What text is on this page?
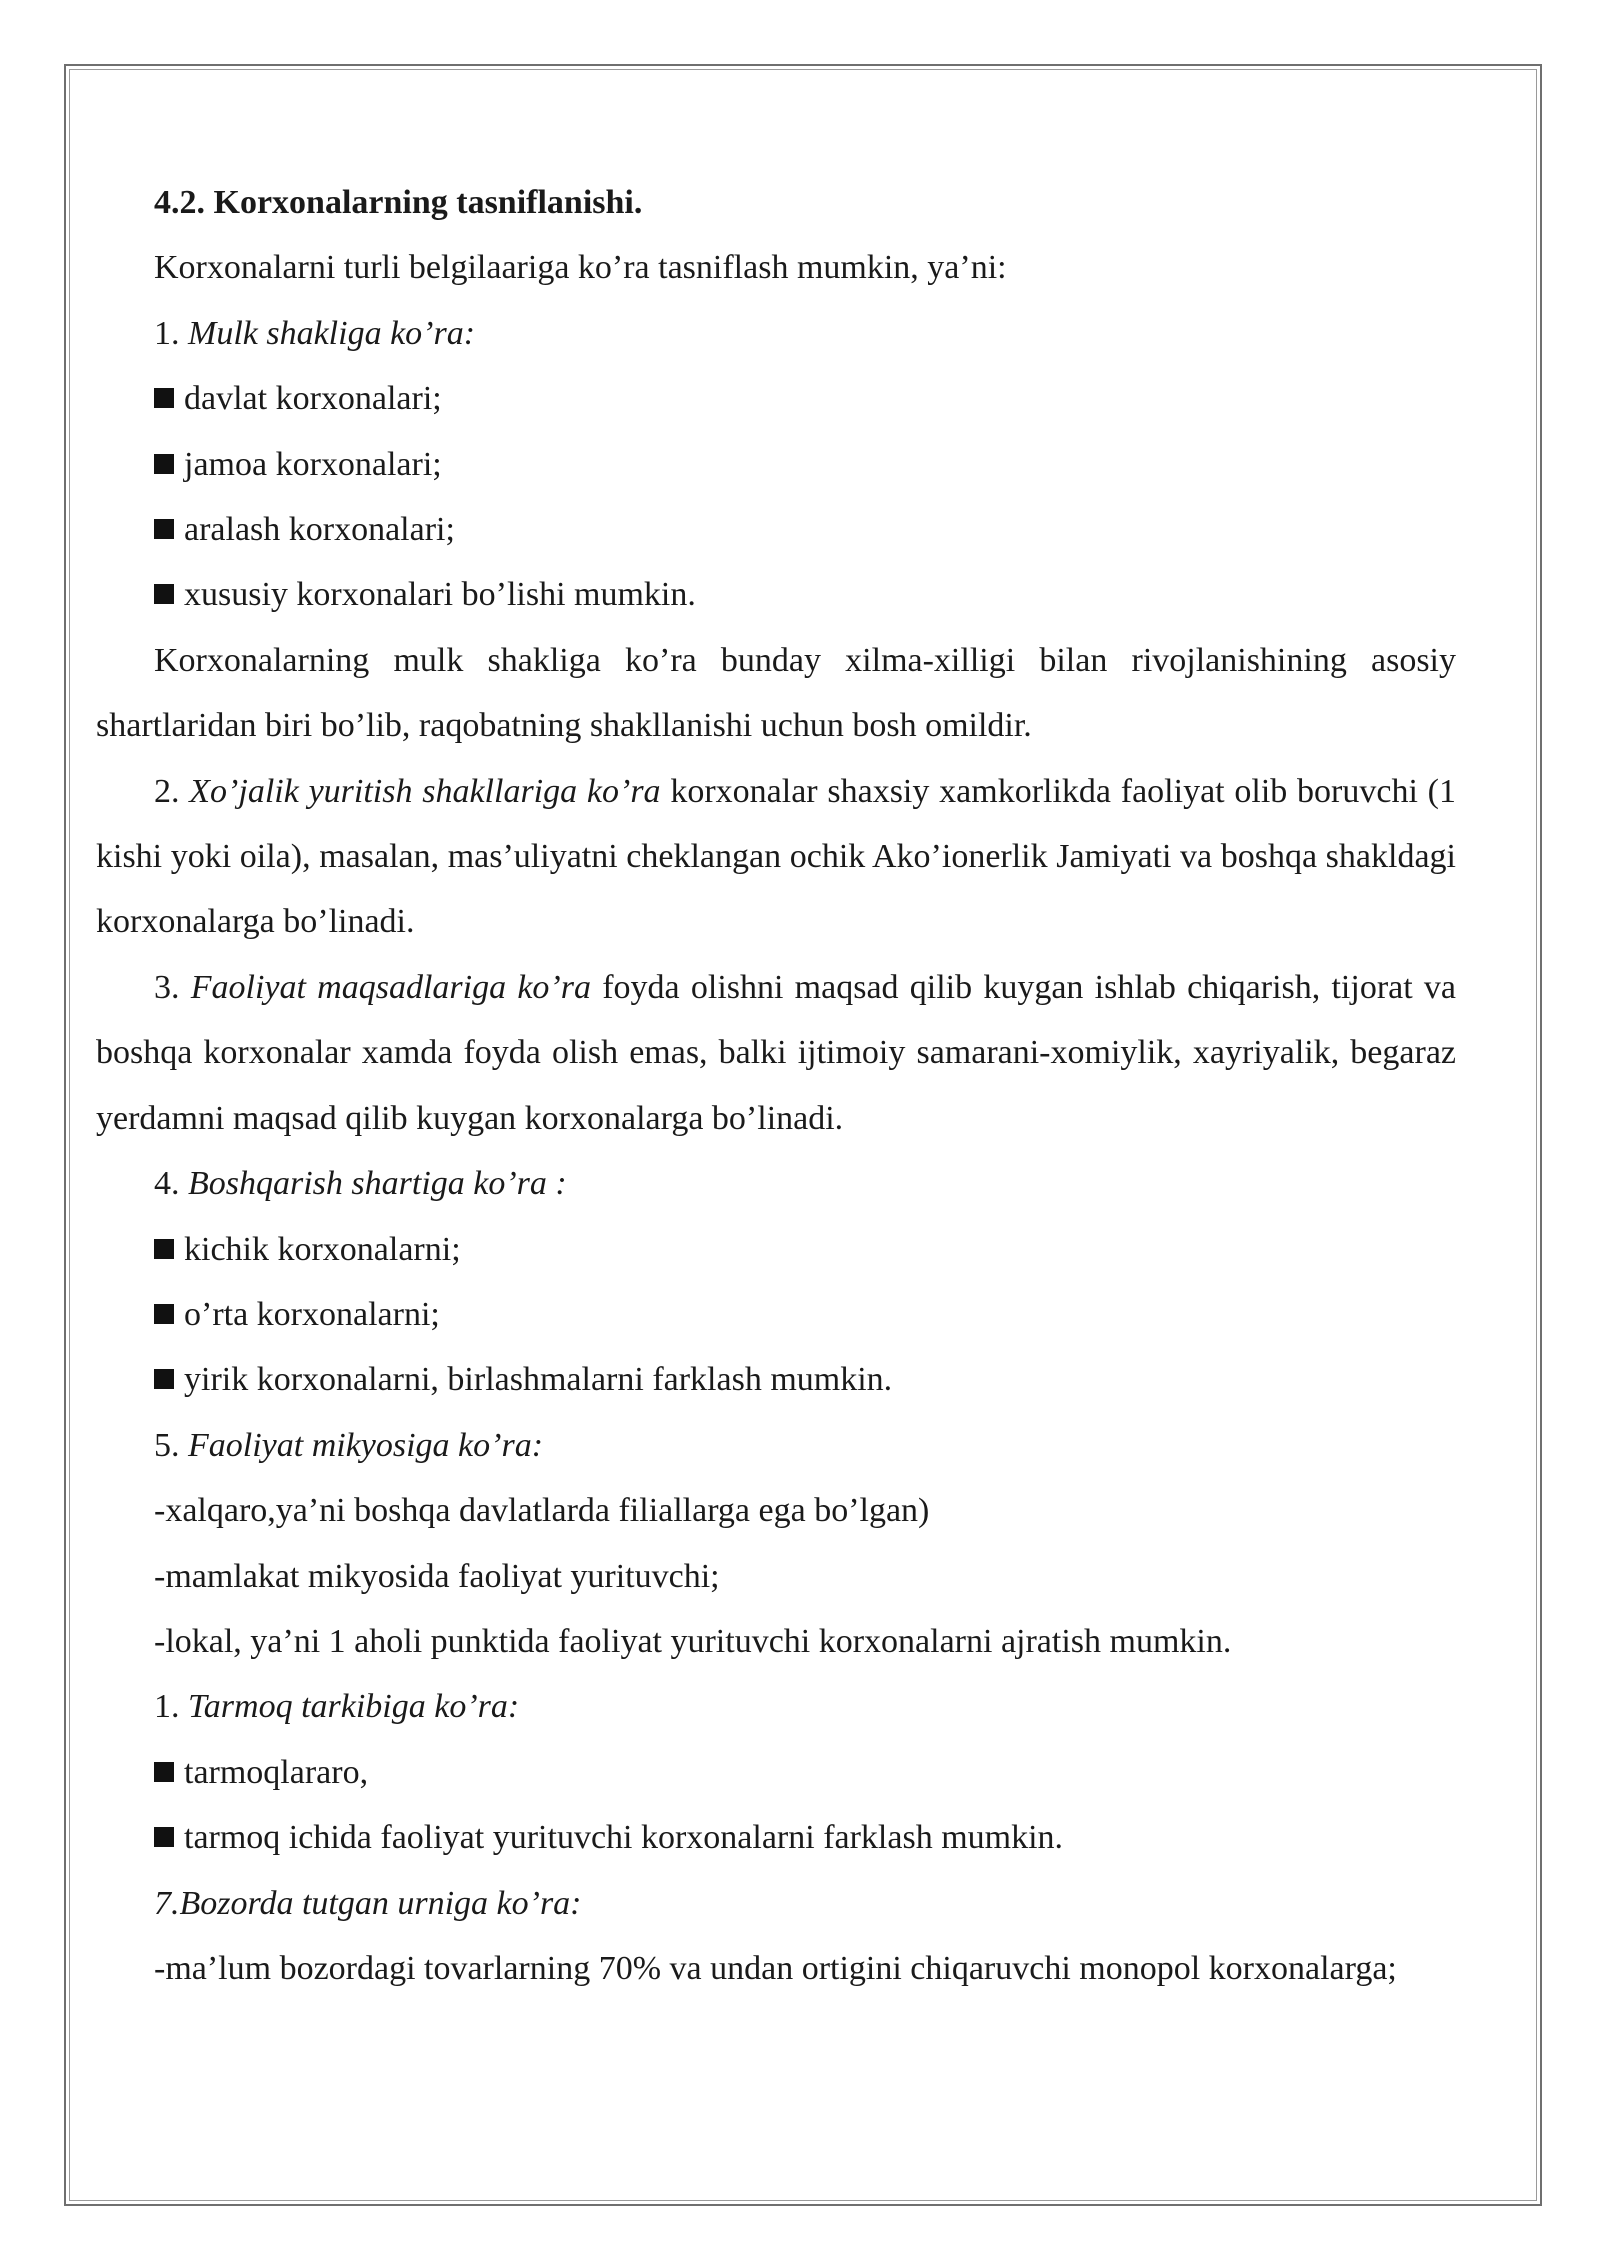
4.2. Korxonalarning tasniflanishi.

Korxonalarni turli belgilaariga ko’ra tasniflash mumkin, ya’ni:

1. Mulk shakliga ko’ra:

davlat korxonalari;

jamoa korxonalari;

aralash korxonalari;

xususiy korxonalari bo’lishi mumkin.

Korxonalarning mulk shakliga ko’ra bunday xilma-xilligi bilan rivojlanishining asosiy shartlaridan biri bo’lib, raqobatning shakllanishi uchun bosh omildir.

2. Xo’jalik yuritish shakllariga ko’ra korxonalar shaxsiy xamkorlikda faoliyat olib boruvchi (1 kishi yoki oila), masalan, mas’uliyatni cheklangan ochik Ako’ionerlik Jamiyati va boshqa shakldagi korxonalarga bo’linadi.

3. Faoliyat maqsadlariga ko’ra foyda olishni maqsad qilib kuygan ishlab chiqarish, tijorat va boshqa korxonalar xamda foyda olish emas, balki ijtimoiy samarani-xomiylik, xayriyalik, begaraz yerdamni maqsad qilib kuygan korxonalarga bo’linadi.

4. Boshqarish shartiga ko’ra :

kichik korxonalarni;

o’rta korxonalarni;

yirik korxonalarni, birlashmalarni farklash mumkin.

5. Faoliyat mikyosiga ko’ra:

-xalqaro,ya’ni boshqa davlatlarda filiallarga ega bo’lgan)

-mamlakat mikyosida faoliyat yurituvchi;

-lokal, ya’ni 1 aholi punktida faoliyat yurituvchi korxonalarni ajratish mumkin.

1. Tarmoq tarkibiga ko’ra:

tarmoqlararo,

tarmoq ichida faoliyat yurituvchi korxonalarni farklash mumkin.

7.Bozorda tutgan urniga ko’ra:

-ma’lum bozordagi tovarlarning 70% va undan ortigini chiqaruvchi monopol korxonalarga;
